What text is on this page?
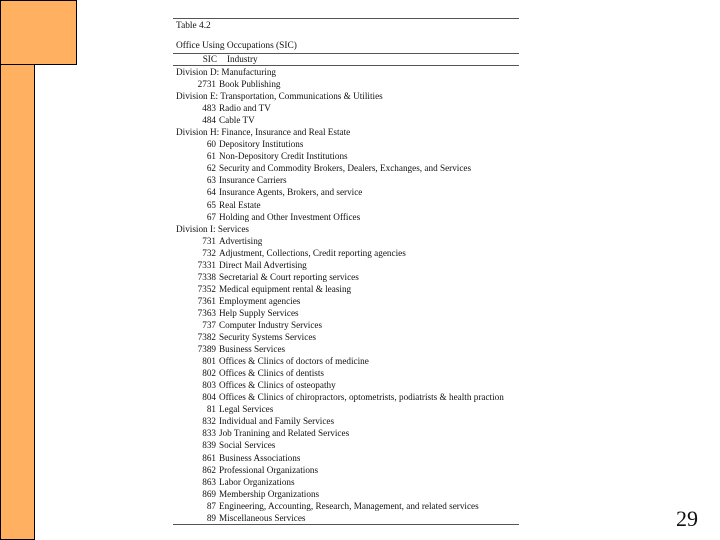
Table 4.2
Office Using Occupations (SIC)
SIC	Industry
Division D: Manufacturing
2731 Book Publishing
Division E: Transportation, Communications & Utilities
483 Radio and TV
484 Cable TV
Division H: Finance, Insurance and Real Estate
60 Depository Institutions
61 Non-Depository Credit Institutions
62 Security and Commodity Brokers, Dealers, Exchanges, and Services
63 Insurance Carriers
64 Insurance Agents, Brokers, and service
65 Real Estate
67 Holding and Other Investment Offices
Division I: Services
731 Advertising
732 Adjustment, Collections, Credit reporting agencies
7331 Direct Mail Advertising
7338 Secretarial & Court reporting services
7352 Medical equipment rental & leasing
7361 Employment agencies
7363 Help Supply Services
737 Computer Industry Services
7382 Security Systems Services
7389 Business Services
801 Offices & Clinics of doctors of medicine
802 Offices & Clinics of dentists
803 Offices & Clinics of osteopathy
804 Offices & Clinics of chiropractors, optometrists, podiatrists & health praction
81 Legal Services
832 Individual and Family Services
833 Job Tranining and Related Services
839 Social Services
861 Business Associations
862 Professional Organizations
863 Labor Organizations
869 Membership Organizations
87 Engineering, Accounting, Research, Management, and related services
89 Miscellaneous Services	29
